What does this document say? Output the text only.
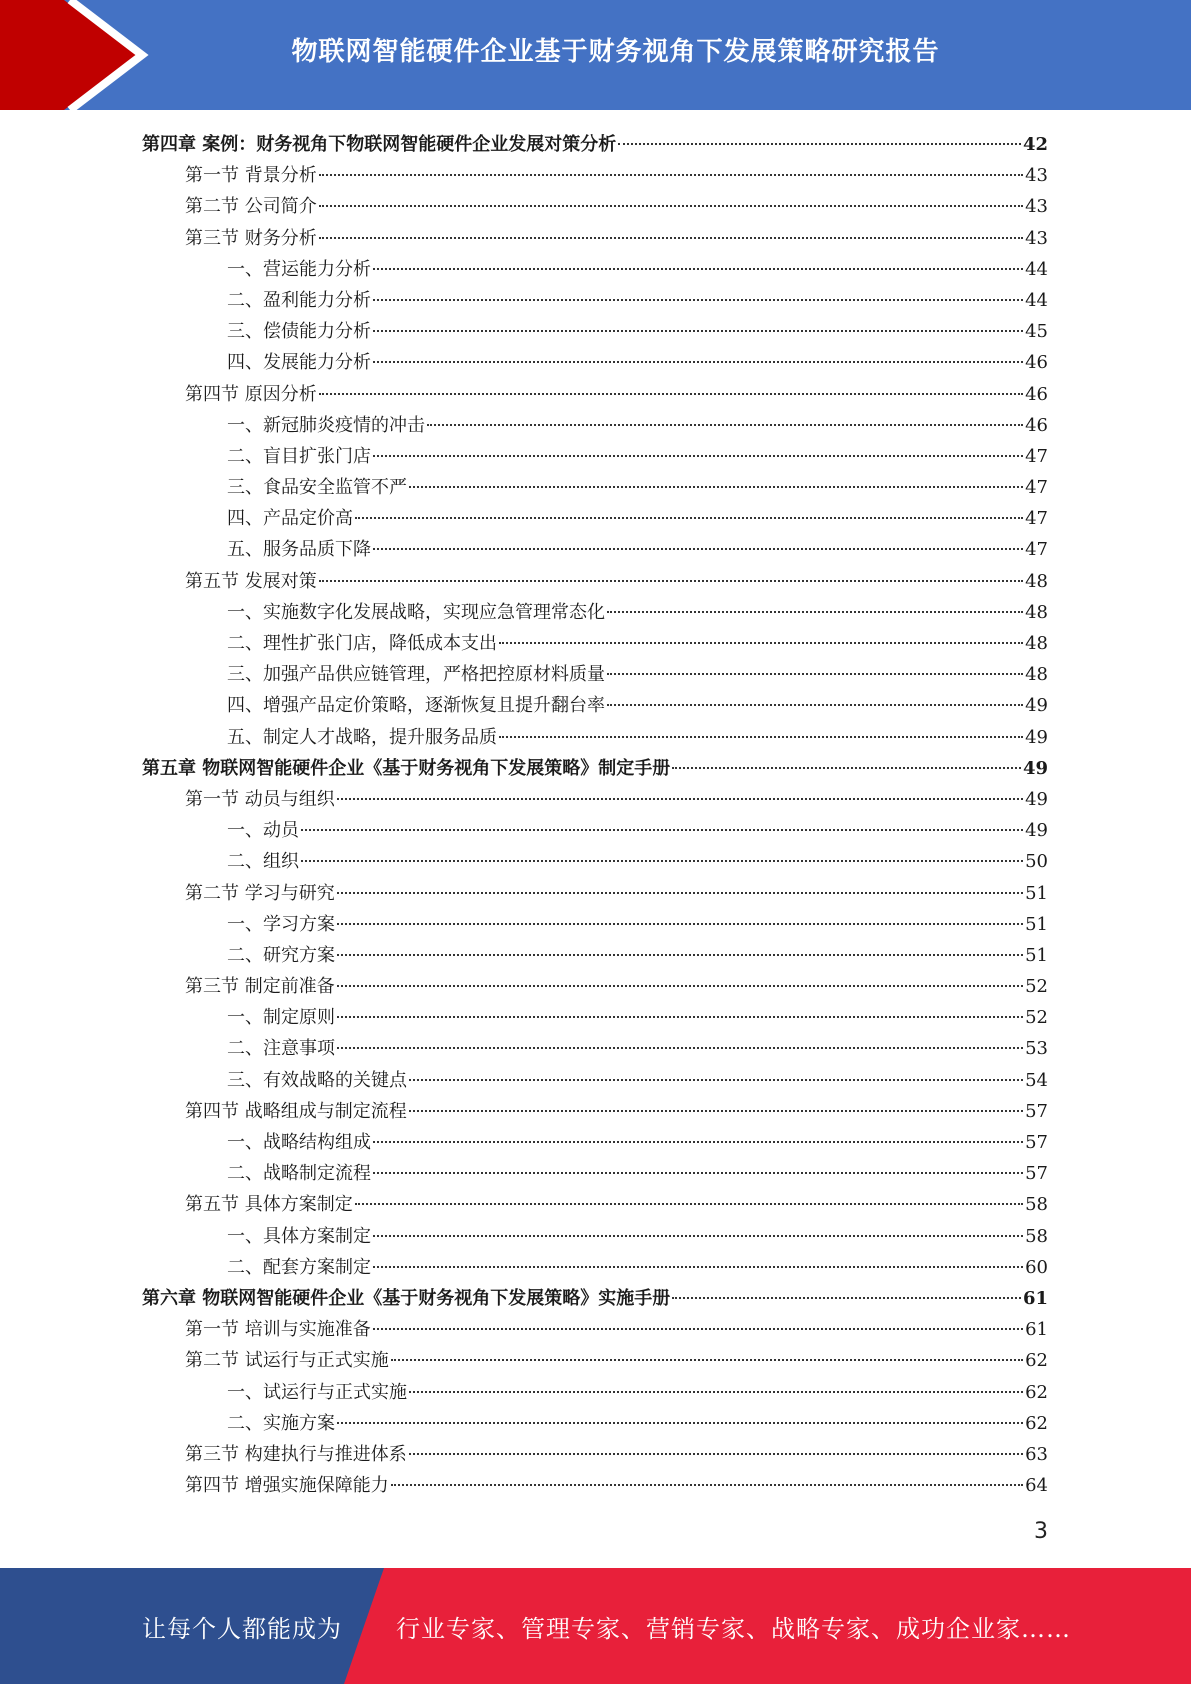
物联网智能硬件企业基于财务视角下发展策略研究报告
第四章 案例：财务视角下物联网智能硬件企业发展对策分析	42
第一节 背景分析	43
第二节 公司简介	43
第三节 财务分析	43
一、营运能力分析	44
二、盈利能力分析	44
三、偿债能力分析	45
四、发展能力分析	46
第四节 原因分析	46
一、新冠肺炎疫情的冲击	46
二、盲目扩张门店	47
三、食品安全监管不严	47
四、产品定价高	47
五、服务品质下降	47
第五节 发展对策	48
一、实施数字化发展战略，实现应急管理常态化	48
二、理性扩张门店，降低成本支出	48
三、加强产品供应链管理，严格把控原材料质量	48
四、增强产品定价策略，逐渐恢复且提升翻台率	49
五、制定人才战略，提升服务品质	49
第五章 物联网智能硬件企业《基于财务视角下发展策略》制定手册	49
第一节 动员与组织	49
一、动员	49
二、组织	50
第二节 学习与研究	51
一、学习方案	51
二、研究方案	51
第三节 制定前准备	52
一、制定原则	52
二、注意事项	53
三、有效战略的关键点	54
第四节 战略组成与制定流程	57
一、战略结构组成	57
二、战略制定流程	57
第五节 具体方案制定	58
一、具体方案制定	58
二、配套方案制定	60
第六章 物联网智能硬件企业《基于财务视角下发展策略》实施手册	61
第一节 培训与实施准备	61
第二节 试运行与正式实施	62
一、试运行与正式实施	62
二、实施方案	62
第三节 构建执行与推进体系	63
第四节 增强实施保障能力	64
3
让每个人都能成为 行业专家、管理专家、营销专家、战略专家、成功企业家……
